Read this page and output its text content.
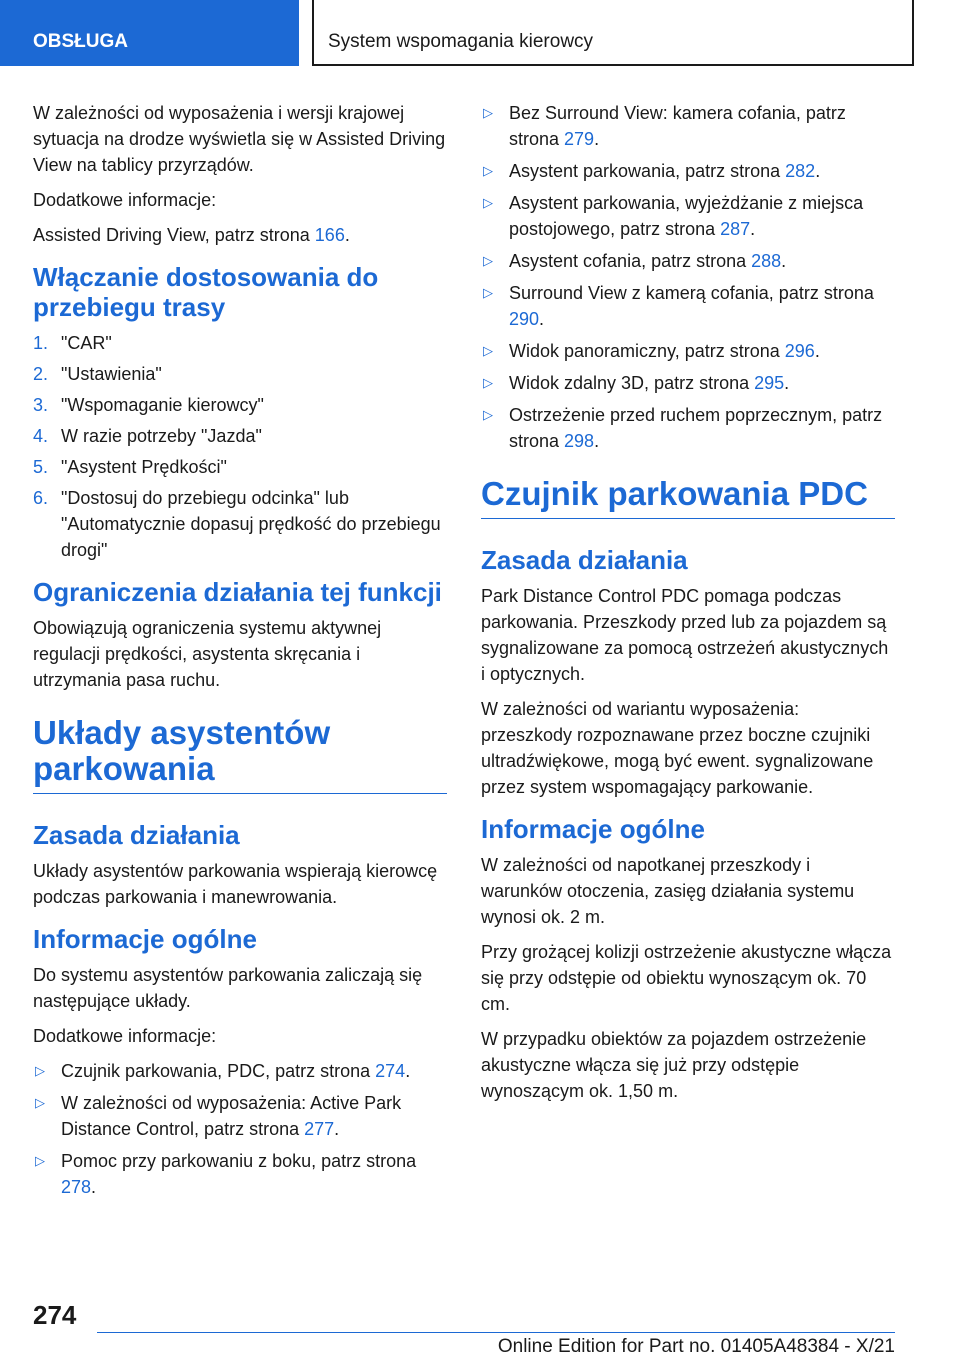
OBSŁUGA	System wspomagania kierowcy

W zależności od wyposażenia i wersji krajowej sytuacja na drodze wyświetla się w Assisted Driving View na tablicy przyrządów.

Dodatkowe informacje:

Assisted Driving View, patrz strona 166.

Włączanie dostosowania do przebiegu trasy
1. "CAR"
2. "Ustawienia"
3. "Wspomaganie kierowcy"
4. W razie potrzeby "Jazda"
5. "Asystent Prędkości"
6. "Dostosuj do przebiegu odcinka" lub "Automatycznie dopasuj prędkość do przebiegu drogi"
Ograniczenia działania tej funkcji

Obowiązują ograniczenia systemu aktywnej regulacji prędkości, asystenta skręcania i utrzymania pasa ruchu.

Układy asystentów parkowania
Zasada działania

Układy asystentów parkowania wspierają kierowcę podczas parkowania i manewrowania.

Informacje ogólne

Do systemu asystentów parkowania zaliczają się następujące układy.

Dodatkowe informacje:

▷ Czujnik parkowania, PDC, patrz strona 274.
▷ W zależności od wyposażenia: Active Park Distance Control, patrz strona 277.
▷ Pomoc przy parkowaniu z boku, patrz strona 278.
▷ Bez Surround View: kamera cofania, patrz strona 279.
▷ Asystent parkowania, patrz strona 282.
▷ Asystent parkowania, wyjeżdżanie z miejsca postojowego, patrz strona 287.
▷ Asystent cofania, patrz strona 288.
▷ Surround View z kamerą cofania, patrz strona 290.
▷ Widok panoramiczny, patrz strona 296.
▷ Widok zdalny 3D, patrz strona 295.
▷ Ostrzeżenie przed ruchem poprzecznym, patrz strona 298.
Czujnik parkowania PDC
Zasada działania

Park Distance Control PDC pomaga podczas parkowania. Przeszkody przed lub za pojazdem są sygnalizowane za pomocą ostrzeżeń akustycznych i optycznych.

W zależności od wariantu wyposażenia: przeszkody rozpoznawane przez boczne czujniki ultradźwiękowe, mogą być ewent. sygnalizowane przez system wspomagający parkowanie.

Informacje ogólne

W zależności od napotkanej przeszkody i warunków otoczenia, zasięg działania systemu wynosi ok. 2 m.

Przy grożącej kolizji ostrzeżenie akustyczne włącza się przy odstępie od obiektu wynoszącym ok. 70 cm.

W przypadku obiektów za pojazdem ostrzeżenie akustyczne włącza się już przy odstępie wynoszącym ok. 1,50 m.

274
Online Edition for Part no. 01405A48384 - X/21
